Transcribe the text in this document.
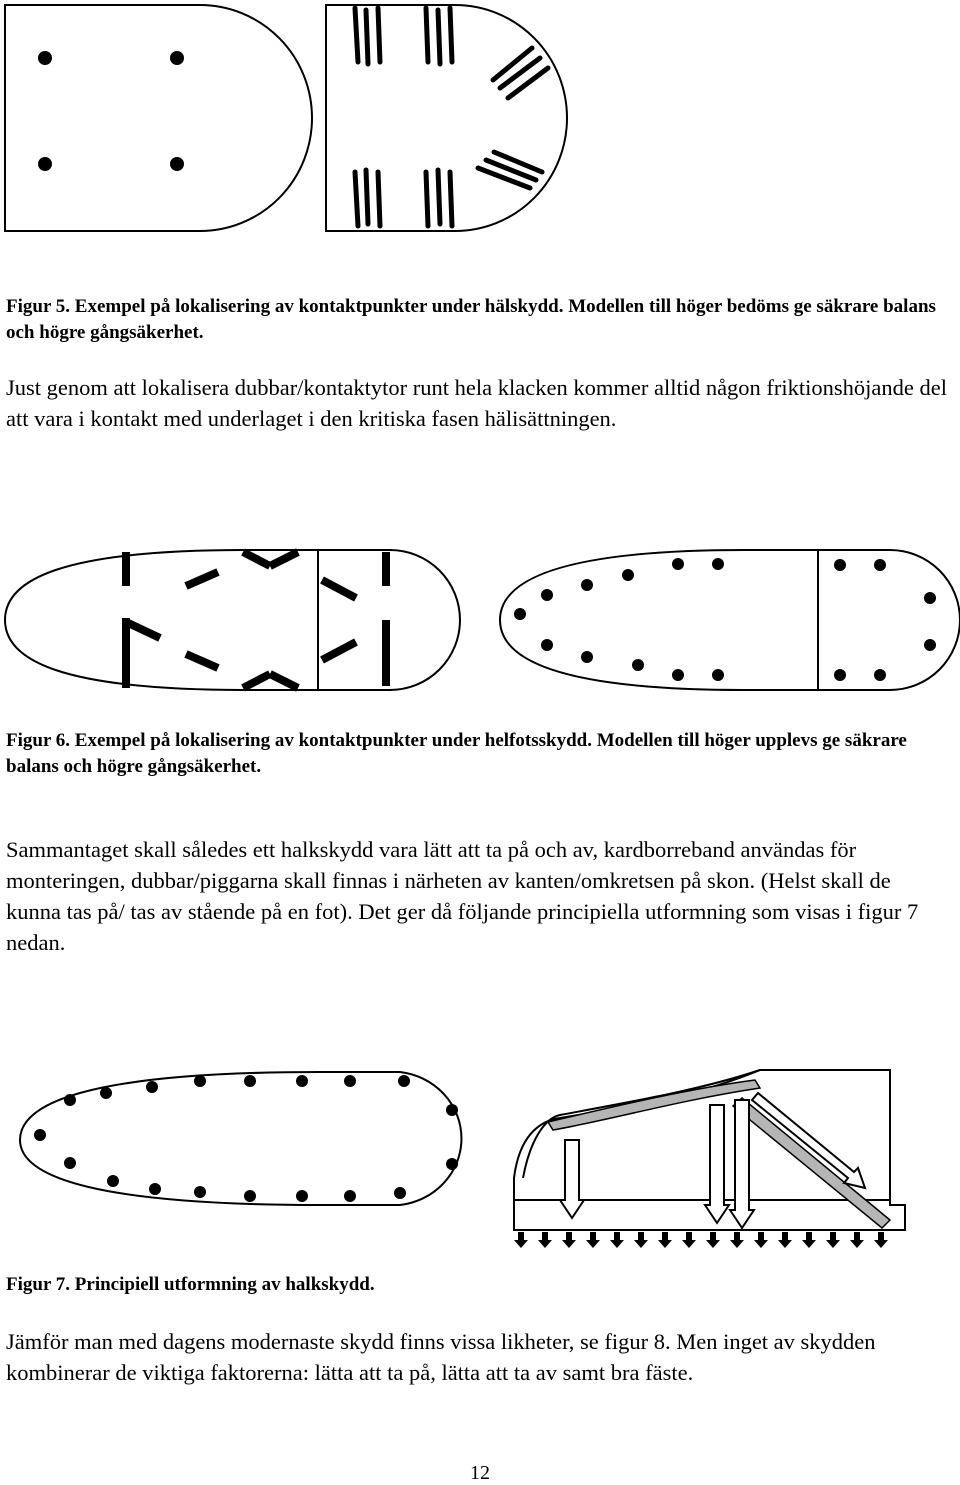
Figur 5. Exempel på lokalisering av kontaktpunkter under hälskydd. Modellen till höger bedöms ge säkrare balans och högre gångsäkerhet.

Just genom att lokalisera dubbar/kontaktytor runt hela klacken kommer alltid någon friktionshöjande del att vara i kontakt med underlaget i den kritiska fasen hälisättningen.

Figur 6. Exempel på lokalisering av kontaktpunkter under helfotsskydd. Modellen till höger upplevs ge säkrare balans och högre gångsäkerhet.

Sammantaget skall således ett halkskydd vara lätt att ta på och av, kardborreband användas för monteringen, dubbar/piggarna skall finnas i närheten av kanten/omkretsen på skon. (Helst skall de kunna tas på/ tas av stående på en fot). Det ger då följande principiella utformning som visas i figur 7 nedan.

Figur 7. Principiell utformning av halkskydd.

Jämför man med dagens modernaste skydd finns vissa likheter, se figur 8. Men inget av skydden kombinerar de viktiga faktorerna: lätta att ta på, lätta att ta av samt bra fäste.

12
